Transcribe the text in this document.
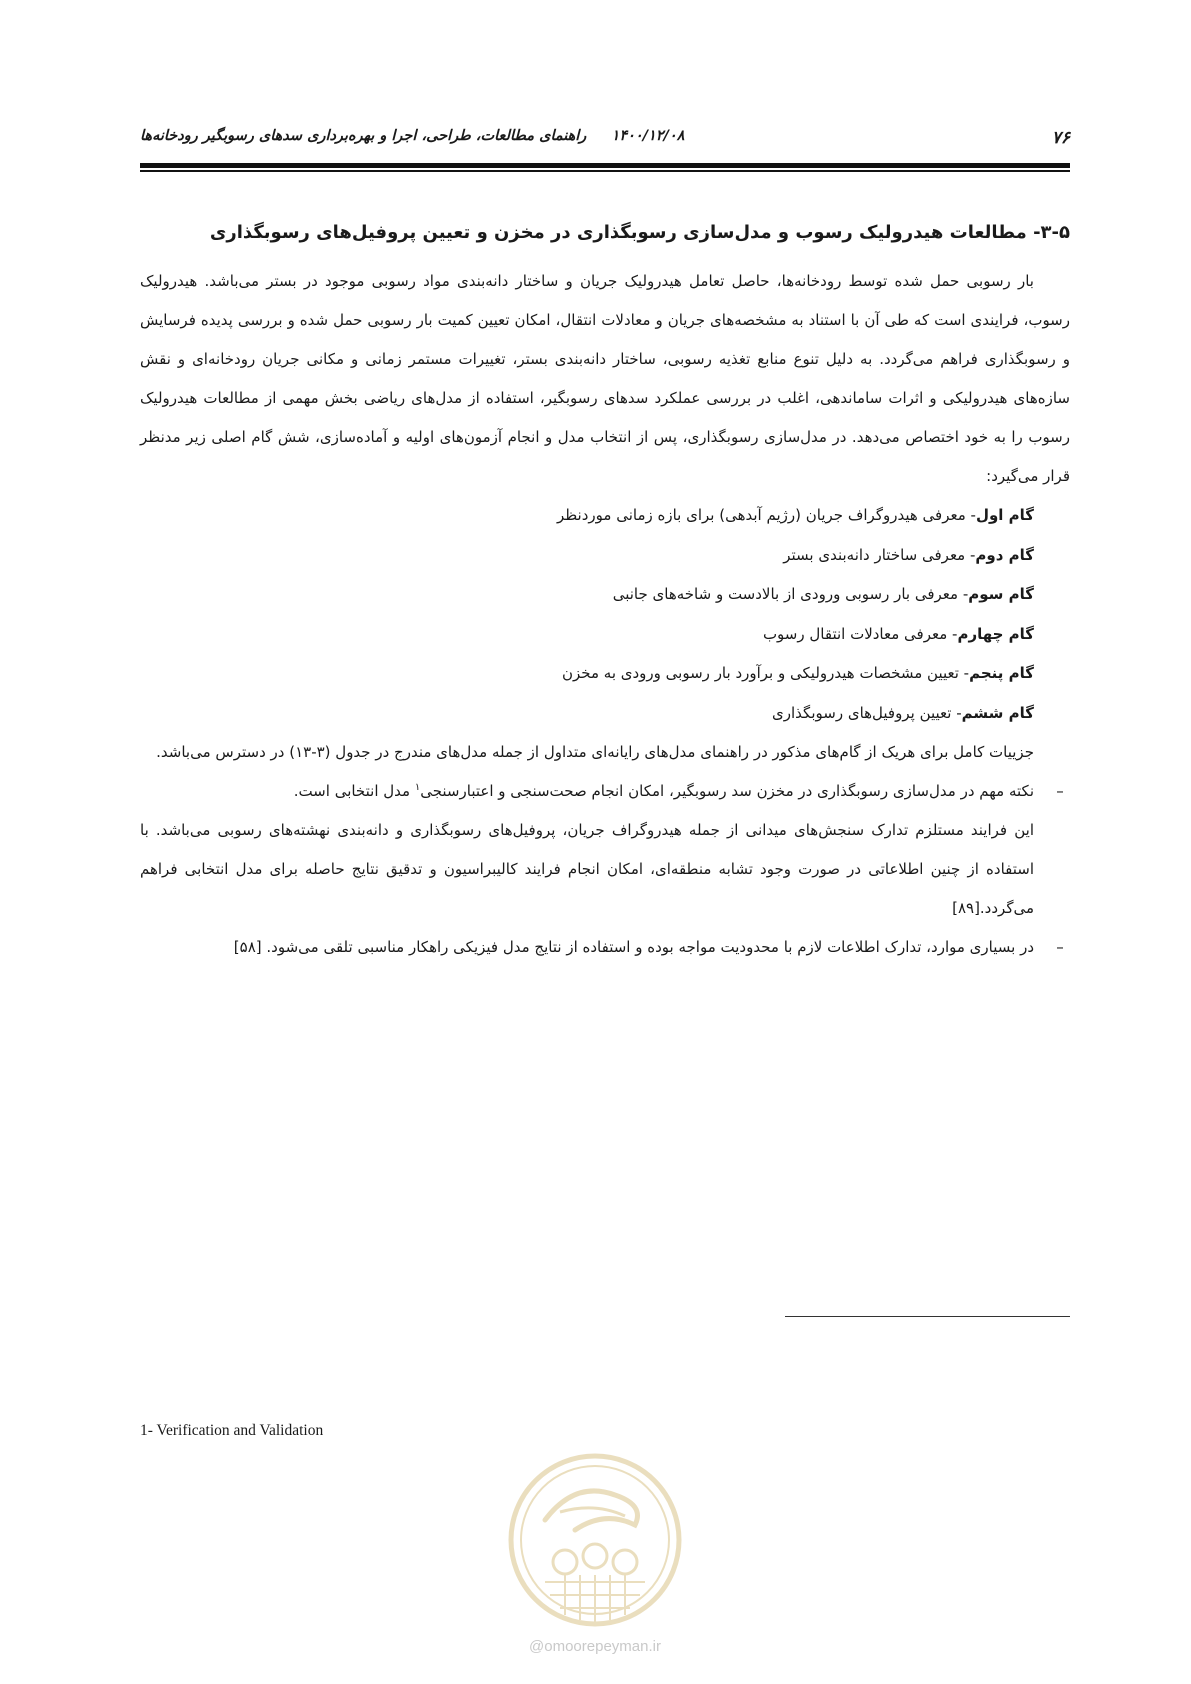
۷۶
۱۴۰۰/۱۲/۰۸     راهنمای مطالعات، طراحی، اجرا و بهره‌برداری سدهای رسوبگیر رودخانه‌ها
۳-۵- مطالعات هیدرولیک رسوب و مدل‌سازی رسوبگذاری در مخزن و تعیین پروفیل‌های رسوبگذاری

بار رسوبی حمل شده توسط رودخانه‌ها، حاصل تعامل هیدرولیک جریان و ساختار دانه‌بندی مواد رسوبی موجود در بستر می‌باشد. هیدرولیک رسوب، فرایندی است که طی آن با استناد به مشخصه‌های جریان و معادلات انتقال، امکان تعیین کمیت بار رسوبی حمل شده و بررسی پدیده فرسایش و رسوبگذاری فراهم می‌گردد. به دلیل تنوع منابع تغذیه رسوبی، ساختار دانه‌بندی بستر، تغییرات مستمر زمانی و مکانی جریان رودخانه‌ای و نقش سازه‌های هیدرولیکی و اثرات ساماندهی، اغلب در بررسی عملکرد سدهای رسوبگیر، استفاده از مدل‌های ریاضی بخش مهمی از مطالعات هیدرولیک رسوب را به خود اختصاص می‌دهد. در مدل‌سازی رسوبگذاری، پس از انتخاب مدل و انجام آزمون‌های اولیه و آماده‌سازی، شش گام اصلی زیر مدنظر قرار می‌گیرد:

گام اول- معرفی هیدروگراف جریان (رژیم آبدهی) برای بازه زمانی مورد‌نظر
گام دوم- معرفی ساختار دانه‌بندی بستر
گام سوم- معرفی بار رسوبی ورودی از بالادست و شاخه‌های جانبی
گام چهارم- معرفی معادلات انتقال رسوب
گام پنجم- تعیین مشخصات هیدرولیکی و برآورد بار رسوبی ورودی به مخزن
گام ششم- تعیین پروفیل‌های رسوبگذاری

جزییات کامل برای هریک از گام‌های مذکور در راهنمای مدل‌های رایانه‌ای متداول از جمله مدل‌های مندرج در جدول (۳-۱۳) در دسترس می‌باشد.

–
نکته مهم در مدل‌سازی رسوبگذاری در مخزن سد رسوبگیر، امکان انجام صحت‌سنجی و اعتبارسنجی$^۱$ مدل انتخابی است.
این فرایند مستلزم تدارک سنجش‌های میدانی از جمله هیدروگراف جریان، پروفیل‌های رسوبگذاری و دانه‌بندی نهشته‌های رسوبی می‌باشد. با استفاده از چنین اطلاعاتی در صورت وجود تشابه منطقه‌ای، امکان انجام فرایند کالیبراسیون و تدقیق نتایج حاصله برای مدل انتخابی فراهم می‌گردد.[۸۹]
–
در بسیاری موارد، تدارک اطلاعات لازم با محدودیت مواجه بوده و استفاده از نتایج مدل فیزیکی راهکار مناسبی تلقی می‌شود. [۵۸]
1- Verification and Validation
@omoorepeyman.ir
